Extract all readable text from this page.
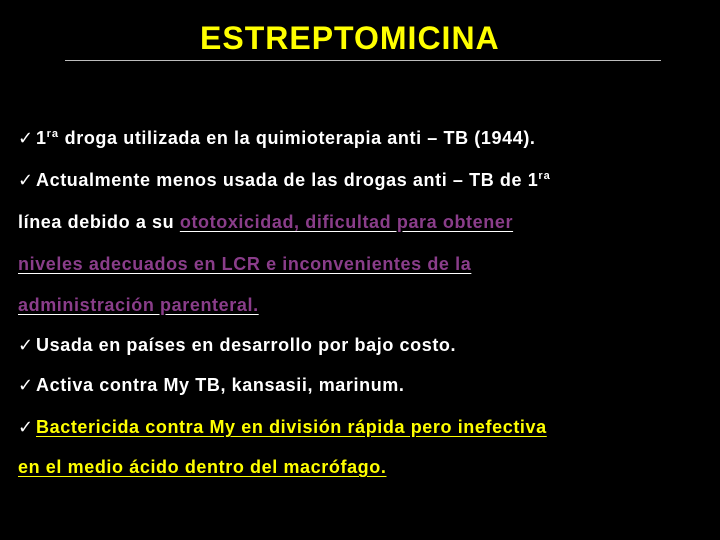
ESTREPTOMICINA
✓ $1^{ra}$ droga utilizada en la quimioterapia anti – TB (1944).
✓ Actualmente menos usada de las drogas anti – TB de $1^{ra}$
línea debido a su ototoxicidad, dificultad para obtener
niveles adecuados en LCR e inconvenientes de la
administración parenteral.
✓ Usada en países en desarrollo por bajo costo.
✓ Activa contra My TB, kansasii, marinum.
✓ Bactericida contra My en división rápida pero inefectiva
en el medio ácido dentro del macrófago.
